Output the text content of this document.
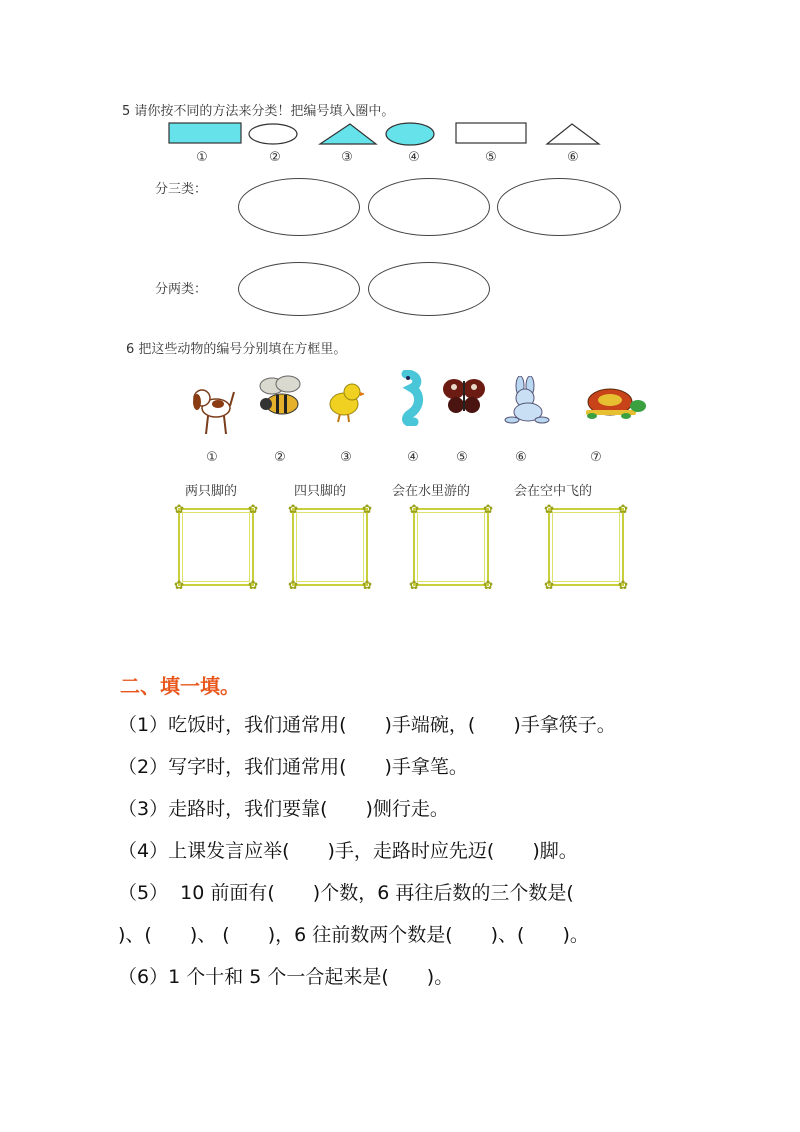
5 请你按不同的方法来分类！把编号填入圈中。
①	②	③	④	⑤	⑥
分三类：
分两类：
6 把这些动物的编号分别填在方框里。
①	②	③	④	⑤	⑥	⑦
两只脚的	四只脚的	会在水里游的	会在空中飞的
✿	✿
✿	✿
✿	✿
✿	✿
✿	✿
✿	✿
✿	✿
✿	✿
二、填一填。
（1）吃饭时，我们通常用(　　)手端碗，(　　)手拿筷子。
（2）写字时，我们通常用(　　)手拿笔。
（3）走路时，我们要靠(　　)侧行走。
（4）上课发言应举(　　)手，走路时应先迈(　　)脚。
（5）  10 前面有(　　)个数，6 再往后数的三个数是(
)、(　　)、 (　　)，6 往前数两个数是(　　)、(　　)。
（6）1 个十和 5 个一合起来是(　　)。
